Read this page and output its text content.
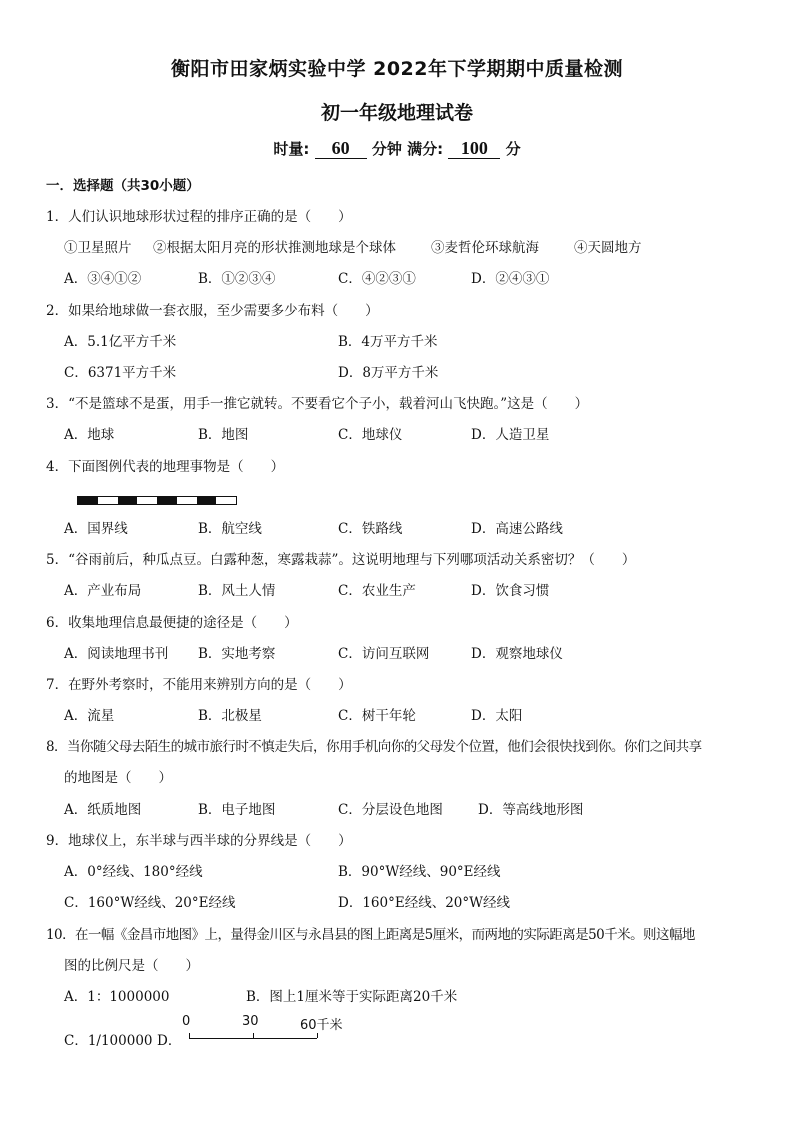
衡阳市田家炳实验中学 2022年下学期期中质量检测
初一年级地理试卷
时量: 60 分钟 满分: 100 分
一．选择题（共30小题）
1．人们认识地球形状过程的排序正确的是（　　）
①卫星照片 ②根据太阳月亮的形状推测地球是个球体	③麦哲伦环球航海	④天圆地方
A．③④①②	B．①②③④	C．④②③①	D．②④③①
2．如果给地球做一套衣服，至少需要多少布料（　　）
A．5.1亿平方千米	B．4万平方千米
C．6371平方千米	D．8万平方千米
3．“不是篮球不是蛋，用手一推它就转。不要看它个子小，载着河山飞快跑。”这是（　　）
A．地球	B．地图	C．地球仪	D．人造卫星
4．下面图例代表的地理事物是（　　）
A．国界线	B．航空线	C．铁路线	D．高速公路线
5．“谷雨前后，种瓜点豆。白露种葱，寒露栽蒜”。这说明地理与下列哪项活动关系密切？（　　）
A．产业布局	B．风土人情	C．农业生产	D．饮食习惯
6．收集地理信息最便捷的途径是（　　）
A．阅读地理书刊 B．实地考察	C．访问互联网	D．观察地球仪
7．在野外考察时，不能用来辨别方向的是（　　）
A．流星	B．北极星	C．树干年轮	D．太阳
8．当你随父母去陌生的城市旅行时不慎走失后，你用手机向你的父母发个位置，他们会很快找到你。你们之间共享
的地图是（　　）
A．纸质地图	B．电子地图	C．分层设色地图	D．等高线地形图
9．地球仪上，东半球与西半球的分界线是（　　）
A．0°经线、180°经线	B．90°W经线、90°E经线
C．160°W经线、20°E经线	D．160°E经线、20°W经线
10．在一幅《金昌市地图》上，量得金川区与永昌县的图上距离是5厘米，而两地的实际距离是50千米。则这幅地
图的比例尺是（　　）
A．1：1000000	B．图上1厘米等于实际距离20千米
C．1/100000 D．
0	30	60千米
